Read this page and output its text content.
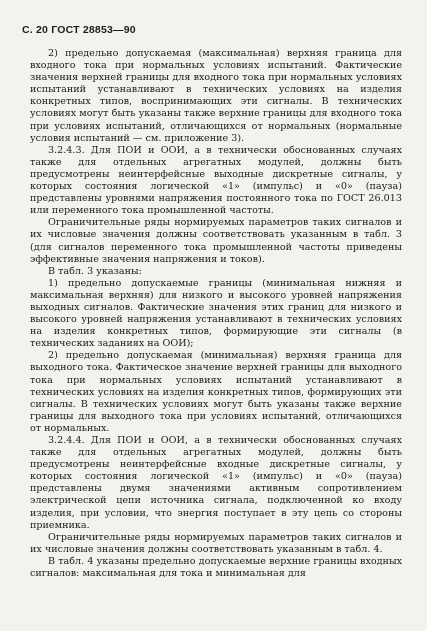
С. 20 ГОСТ 28853—90

2) предельно допускаемая (максимальная) верхняя граница для входного тока при нормальных условиях испытаний. Фактические значения верхней границы для входного тока при нормальных условиях испытаний устанавливают в технических условиях на изделия конкретных типов, воспринимающих эти сигналы. В технических условиях могут быть указаны также верхние границы для входного тока при условиях испытаний, отличающихся от нормальных (нормальные условия испытаний — см. приложение 3).

3.2.4.3. Для ПОИ и ООИ, а в технически обоснованных случаях также для отдельных агрегатных модулей, должны быть предусмотрены неинтерфейсные выходные дискретные сигналы, у которых состояния логической «1» (импульс) и «0» (пауза) представлены уровнями напряжения постоянного тока по ГОСТ 26.013 или переменного тока промышленной частоты.

Ограничительные ряды нормируемых параметров таких сигналов и их числовые значения должны соответствовать указанным в табл. 3 (для сигналов переменного тока промышленной частоты приведены эффективные значения напряжения и токов).

В табл. 3 указаны:

1) предельно допускаемые границы (минимальная нижняя и максимальная верхняя) для низкого и высокого уровней напряжения выходных сигналов. Фактические значения этих границ для низкого и высокого уровней напряжения устанавливают в технических условиях на изделия конкретных типов, формирующие эти сигналы (в технических заданиях на ООИ);

2) предельно допускаемая (минимальная) верхняя граница для выходного тока. Фактическое значение верхней границы для выходного тока при нормальных условиях испытаний устанавливают в технических условиях на изделия конкретных типов, формирующих эти сигналы. В технических условиях могут быть указаны также верхние границы для выходного тока при условиях испытаний, отличающихся от нормальных.

3.2.4.4. Для ПОИ и ООИ, а в технически обоснованных случаях также для отдельных агрегатных модулей, должны быть предусмотрены неинтерфейсные входные дискретные сигналы, у которых состояния логической «1» (импульс) и «0» (пауза) представлены двумя значениями активным сопротивлением электрической цепи источника сигнала, подключенной ко входу изделия, при условии, что энергия поступает в эту цепь со стороны приемника.

Ограничительные ряды нормируемых параметров таких сигналов и их числовые значения должны соответствовать указанным в табл. 4.

В табл. 4 указаны предельно допускаемые верхние границы входных сигналов: максимальная для тока и минимальная для
